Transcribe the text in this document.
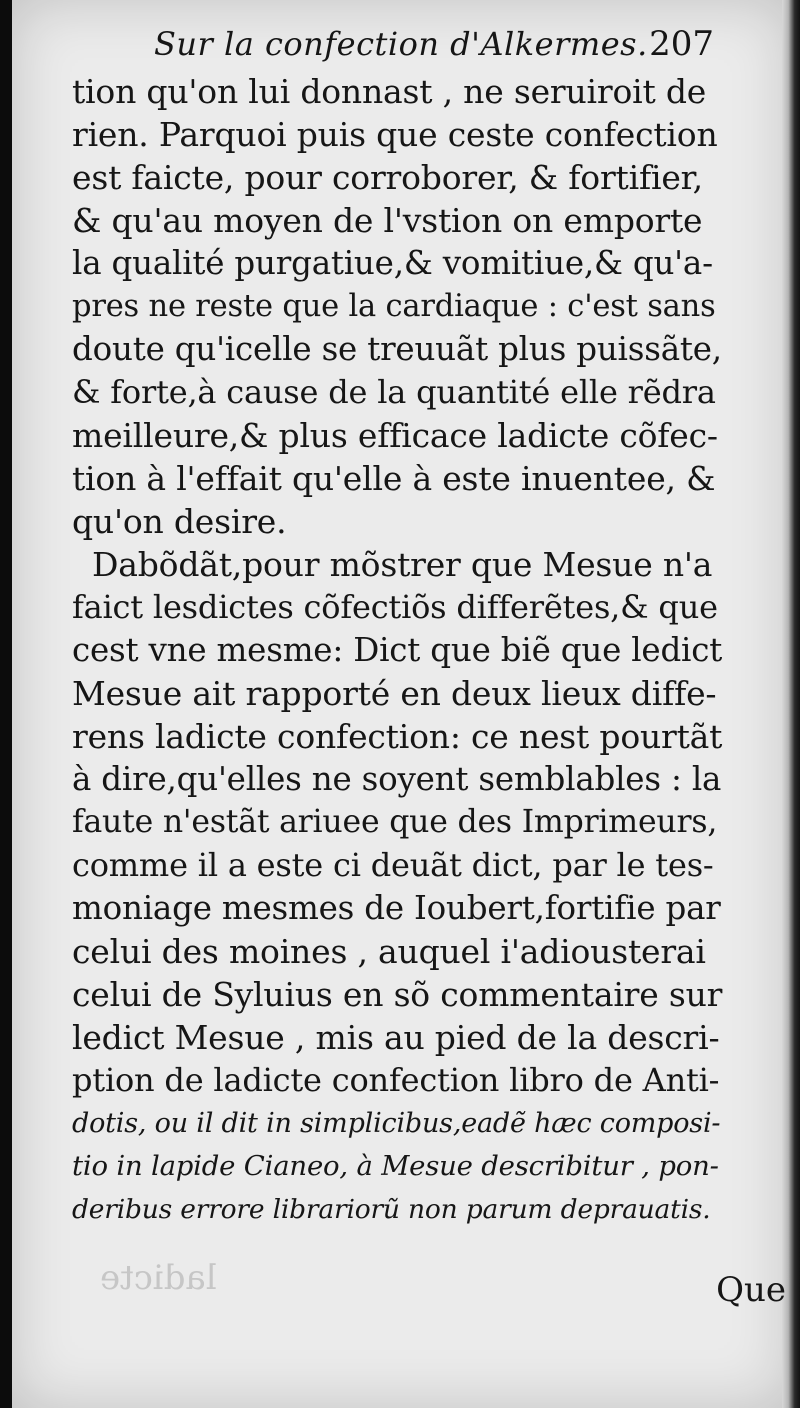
Sur la confection d'Alkermes. 207
tion qu'on lui donnast , ne seruiroit de
rien. Parquoi puis que ceste confection
est faicte, pour corroborer, & fortifier,
& qu'au moyen de l'vstion on emporte
la qualité purgatiue,& vomitiue,& qu'a-
pres ne reste que la cardiaque : c'est sans
doute qu'icelle se treuuãt plus puissãte,
& forte,à cause de la quantité elle rẽdra
meilleure,& plus efficace ladicte cõfec-
tion à l'effait qu'elle à este inuentee, &
qu'on desire.
Dabõdãt,pour mõstrer que Mesue n'a
faict lesdictes cõfectiõs differẽtes,& que
cest vne mesme: Dict que biẽ que ledict
Mesue ait rapporté en deux lieux diffe-
rens ladicte confection: ce nest pourtãt
à dire,qu'elles ne soyent semblables : la
faute n'estãt ariuee que des Imprimeurs,
comme il a este ci deuãt dict, par le tes-
moniage mesmes de Ioubert,fortifie par
celui des moines , auquel i'adiousterai
celui de Syluius en sõ commentaire sur
ledict Mesue , mis au pied de la descri-
ption de ladicte confection libro de Anti-
dotis, ou il dit in simplicibus,eadẽ hæc composi-
tio in lapide Cianeo, à Mesue describitur , pon-
deribus errore librariorũ non parum deprauatis.
ladicte	Que
